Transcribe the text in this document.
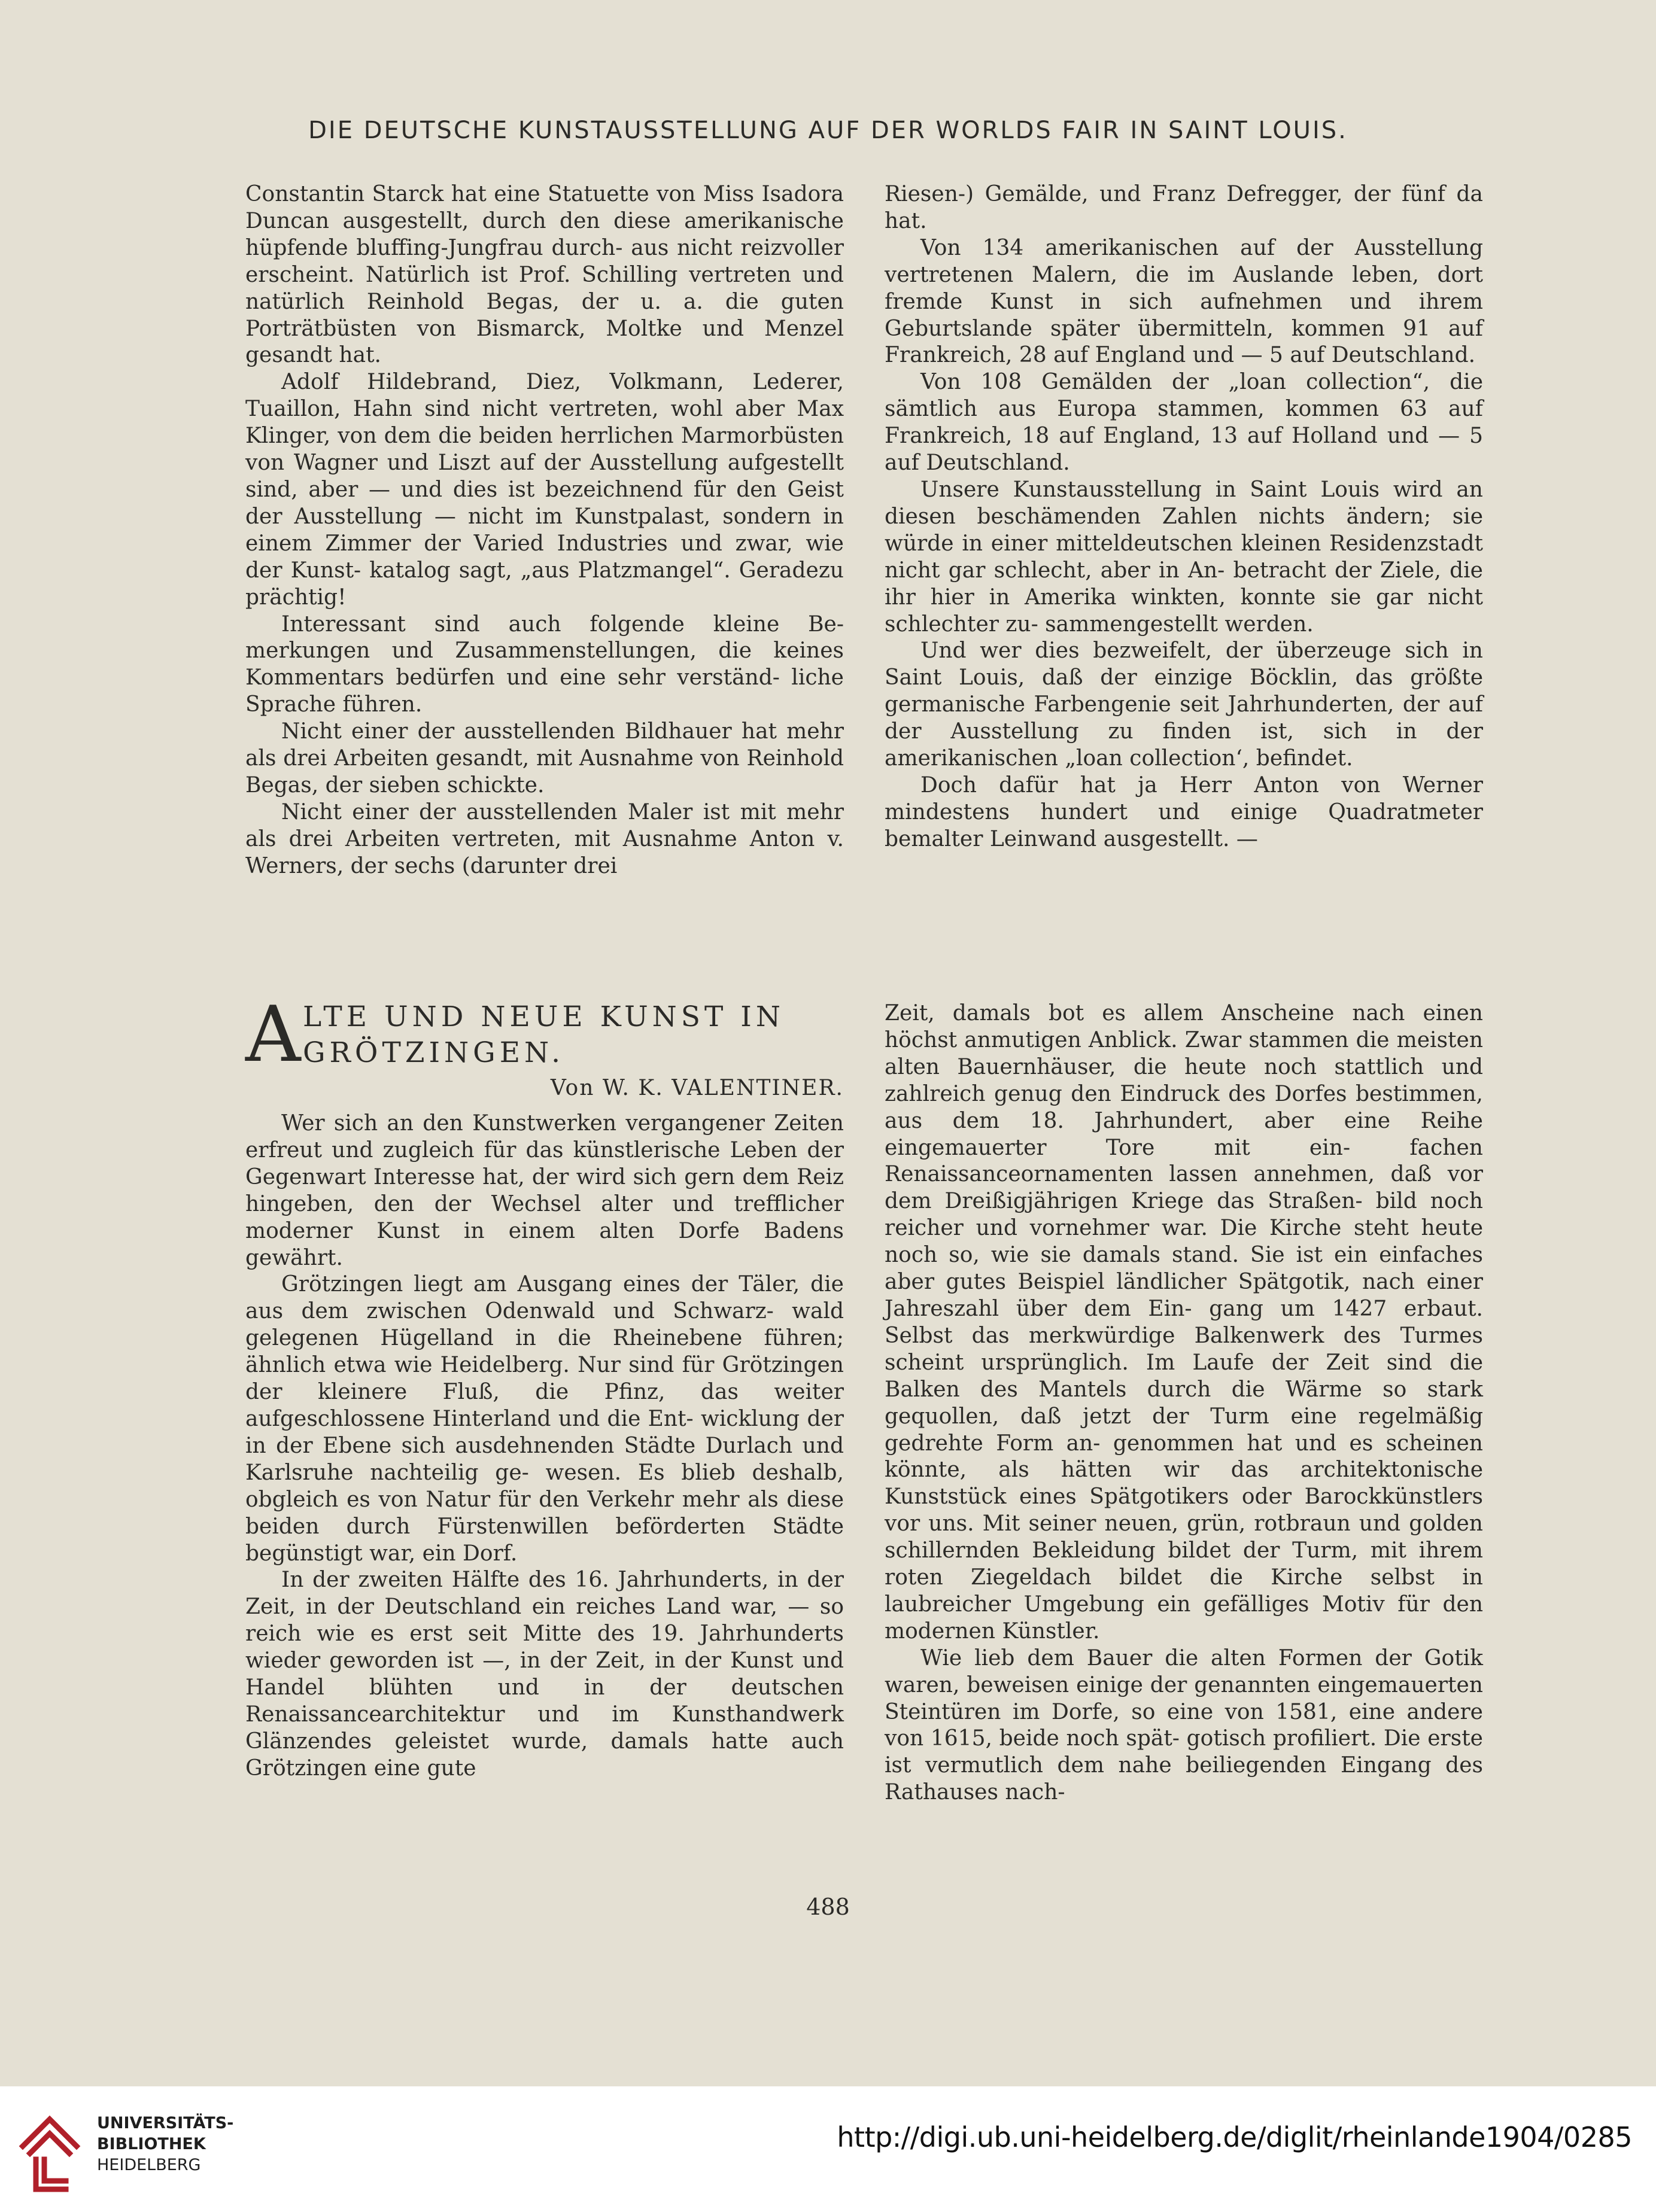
DIE DEUTSCHE KUNSTAUSSTELLUNG AUF DER WORLDS FAIR IN SAINT LOUIS.

Constantin Starck hat eine Statuette von Miss Isadora Duncan ausgestellt, durch den diese amerikanische hüpfende bluffing-Jungfrau durch- aus nicht reizvoller erscheint. Natürlich ist Prof. Schilling vertreten und natürlich Reinhold Begas, der u. a. die guten Porträtbüsten von Bismarck, Moltke und Menzel gesandt hat.

Adolf Hildebrand, Diez, Volkmann, Lederer, Tuaillon, Hahn sind nicht vertreten, wohl aber Max Klinger, von dem die beiden herrlichen Marmorbüsten von Wagner und Liszt auf der Ausstellung aufgestellt sind, aber — und dies ist bezeichnend für den Geist der Ausstellung — nicht im Kunstpalast, sondern in einem Zimmer der Varied Industries und zwar, wie der Kunst- katalog sagt, „aus Platzmangel“. Geradezu prächtig!

Interessant sind auch folgende kleine Be- merkungen und Zusammenstellungen, die keines Kommentars bedürfen und eine sehr verständ- liche Sprache führen.

Nicht einer der ausstellenden Bildhauer hat mehr als drei Arbeiten gesandt, mit Ausnahme von Reinhold Begas, der sieben schickte.

Nicht einer der ausstellenden Maler ist mit mehr als drei Arbeiten vertreten, mit Ausnahme Anton v. Werners, der sechs (darunter drei

Riesen-) Gemälde, und Franz Defregger, der fünf da hat.

Von 134 amerikanischen auf der Ausstellung vertretenen Malern, die im Auslande leben, dort fremde Kunst in sich aufnehmen und ihrem Geburtslande später übermitteln, kommen 91 auf Frankreich, 28 auf England und — 5 auf Deutschland.

Von 108 Gemälden der „loan collection“, die sämtlich aus Europa stammen, kommen 63 auf Frankreich, 18 auf England, 13 auf Holland und — 5 auf Deutschland.

Unsere Kunstausstellung in Saint Louis wird an diesen beschämenden Zahlen nichts ändern; sie würde in einer mitteldeutschen kleinen Residenzstadt nicht gar schlecht, aber in An- betracht der Ziele, die ihr hier in Amerika winkten, konnte sie gar nicht schlechter zu- sammengestellt werden.

Und wer dies bezweifelt, der überzeuge sich in Saint Louis, daß der einzige Böcklin, das größte germanische Farbengenie seit Jahrhunderten, der auf der Ausstellung zu finden ist, sich in der amerikanischen „loan collection‘, befindet.

Doch dafür hat ja Herr Anton von Werner mindestens hundert und einige Quadratmeter bemalter Leinwand ausgestellt. —

A LTE UND NEUE KUNST IN
GRÖTZINGEN.
Von W. K. VALENTINER.

Wer sich an den Kunstwerken vergangener Zeiten erfreut und zugleich für das künstlerische Leben der Gegenwart Interesse hat, der wird sich gern dem Reiz hingeben, den der Wechsel alter und trefflicher moderner Kunst in einem alten Dorfe Badens gewährt.

Grötzingen liegt am Ausgang eines der Täler, die aus dem zwischen Odenwald und Schwarz- wald gelegenen Hügelland in die Rheinebene führen; ähnlich etwa wie Heidelberg. Nur sind für Grötzingen der kleinere Fluß, die Pfinz, das weiter aufgeschlossene Hinterland und die Ent- wicklung der in der Ebene sich ausdehnenden Städte Durlach und Karlsruhe nachteilig ge- wesen. Es blieb deshalb, obgleich es von Natur für den Verkehr mehr als diese beiden durch Fürstenwillen beförderten Städte begünstigt war, ein Dorf.

In der zweiten Hälfte des 16. Jahrhunderts, in der Zeit, in der Deutschland ein reiches Land war, — so reich wie es erst seit Mitte des 19. Jahrhunderts wieder geworden ist —, in der Zeit, in der Kunst und Handel blühten und in der deutschen Renaissancearchitektur und im Kunsthandwerk Glänzendes geleistet wurde, damals hatte auch Grötzingen eine gute

Zeit, damals bot es allem Anscheine nach einen höchst anmutigen Anblick. Zwar stammen die meisten alten Bauernhäuser, die heute noch stattlich und zahlreich genug den Eindruck des Dorfes bestimmen, aus dem 18. Jahrhundert, aber eine Reihe eingemauerter Tore mit ein- fachen Renaissanceornamenten lassen annehmen, daß vor dem Dreißigjährigen Kriege das Straßen- bild noch reicher und vornehmer war. Die Kirche steht heute noch so, wie sie damals stand. Sie ist ein einfaches aber gutes Beispiel ländlicher Spätgotik, nach einer Jahreszahl über dem Ein- gang um 1427 erbaut. Selbst das merkwürdige Balkenwerk des Turmes scheint ursprünglich. Im Laufe der Zeit sind die Balken des Mantels durch die Wärme so stark gequollen, daß jetzt der Turm eine regelmäßig gedrehte Form an- genommen hat und es scheinen könnte, als hätten wir das architektonische Kunststück eines Spätgotikers oder Barockkünstlers vor uns. Mit seiner neuen, grün, rotbraun und golden schillernden Bekleidung bildet der Turm, mit ihrem roten Ziegeldach bildet die Kirche selbst in laubreicher Umgebung ein gefälliges Motiv für den modernen Künstler.

Wie lieb dem Bauer die alten Formen der Gotik waren, beweisen einige der genannten eingemauerten Steintüren im Dorfe, so eine von 1581, eine andere von 1615, beide noch spät- gotisch profiliert. Die erste ist vermutlich dem nahe beiliegenden Eingang des Rathauses nach-

488
UNIVERSITÄTS-
BIBLIOTHEK
HEIDELBERG
http://digi.ub.uni-heidelberg.de/diglit/rheinlande1904/0285
